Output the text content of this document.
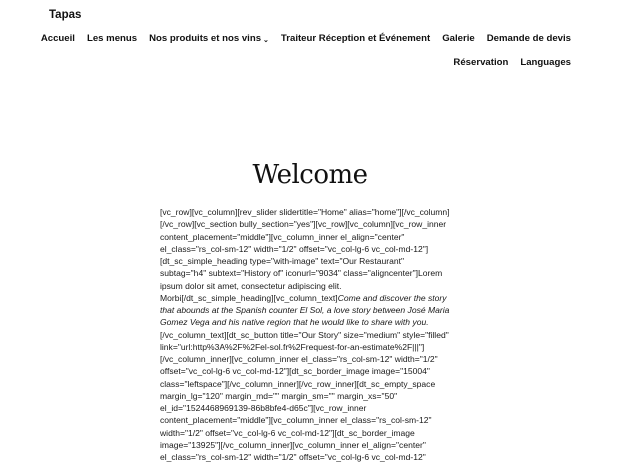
Tapas
Accueil Les menus Nos produits et nos vins ⌄ Traiteur Réception et Événement Galerie Demande de devis
Réservation Languages
Welcome
[vc_row][vc_column][rev_slider slidertitle="Home" alias="home"][/vc_column]
[/vc_row][vc_section bully_section="yes"][vc_row][vc_column][vc_row_inner
content_placement="middle"][vc_column_inner el_align="center"
el_class="rs_col-sm-12" width="1/2" offset="vc_col-lg-6 vc_col-md-12"]
[dt_sc_simple_heading type="with-image" text="Our Restaurant"
subtag="h4" subtext="History of" iconurl="9034" class="aligncenter"]Lorem
ipsum dolor sit amet, consectetur adipiscing elit.
Morbi[/dt_sc_simple_heading][vc_column_text]Come and discover the story
that abounds at the Spanish counter El Sol, a love story between José Maria
Gomez Vega and his native region that he would like to share with you.
[/vc_column_text][dt_sc_button title="Our Story" size="medium" style="filled"
link="url:http%3A%2F%2Fel-sol.fr%2Frequest-for-an-estimate%2F|||"]
[/vc_column_inner][vc_column_inner el_class="rs_col-sm-12" width="1/2"
offset="vc_col-lg-6 vc_col-md-12"][dt_sc_border_image image="15004"
class="leftspace"][/vc_column_inner][/vc_row_inner][dt_sc_empty_space
margin_lg="120" margin_md="" margin_sm="" margin_xs="50"
el_id="1524468969139-86b8bfe4-d65c"][vc_row_inner
content_placement="middle"][vc_column_inner el_class="rs_col-sm-12"
width="1/2" offset="vc_col-lg-6 vc_col-md-12"][dt_sc_border_image
image="13925"][/vc_column_inner][vc_column_inner el_align="center"
el_class="rs_col-sm-12" width="1/2" offset="vc_col-lg-6 vc_col-md-12"
